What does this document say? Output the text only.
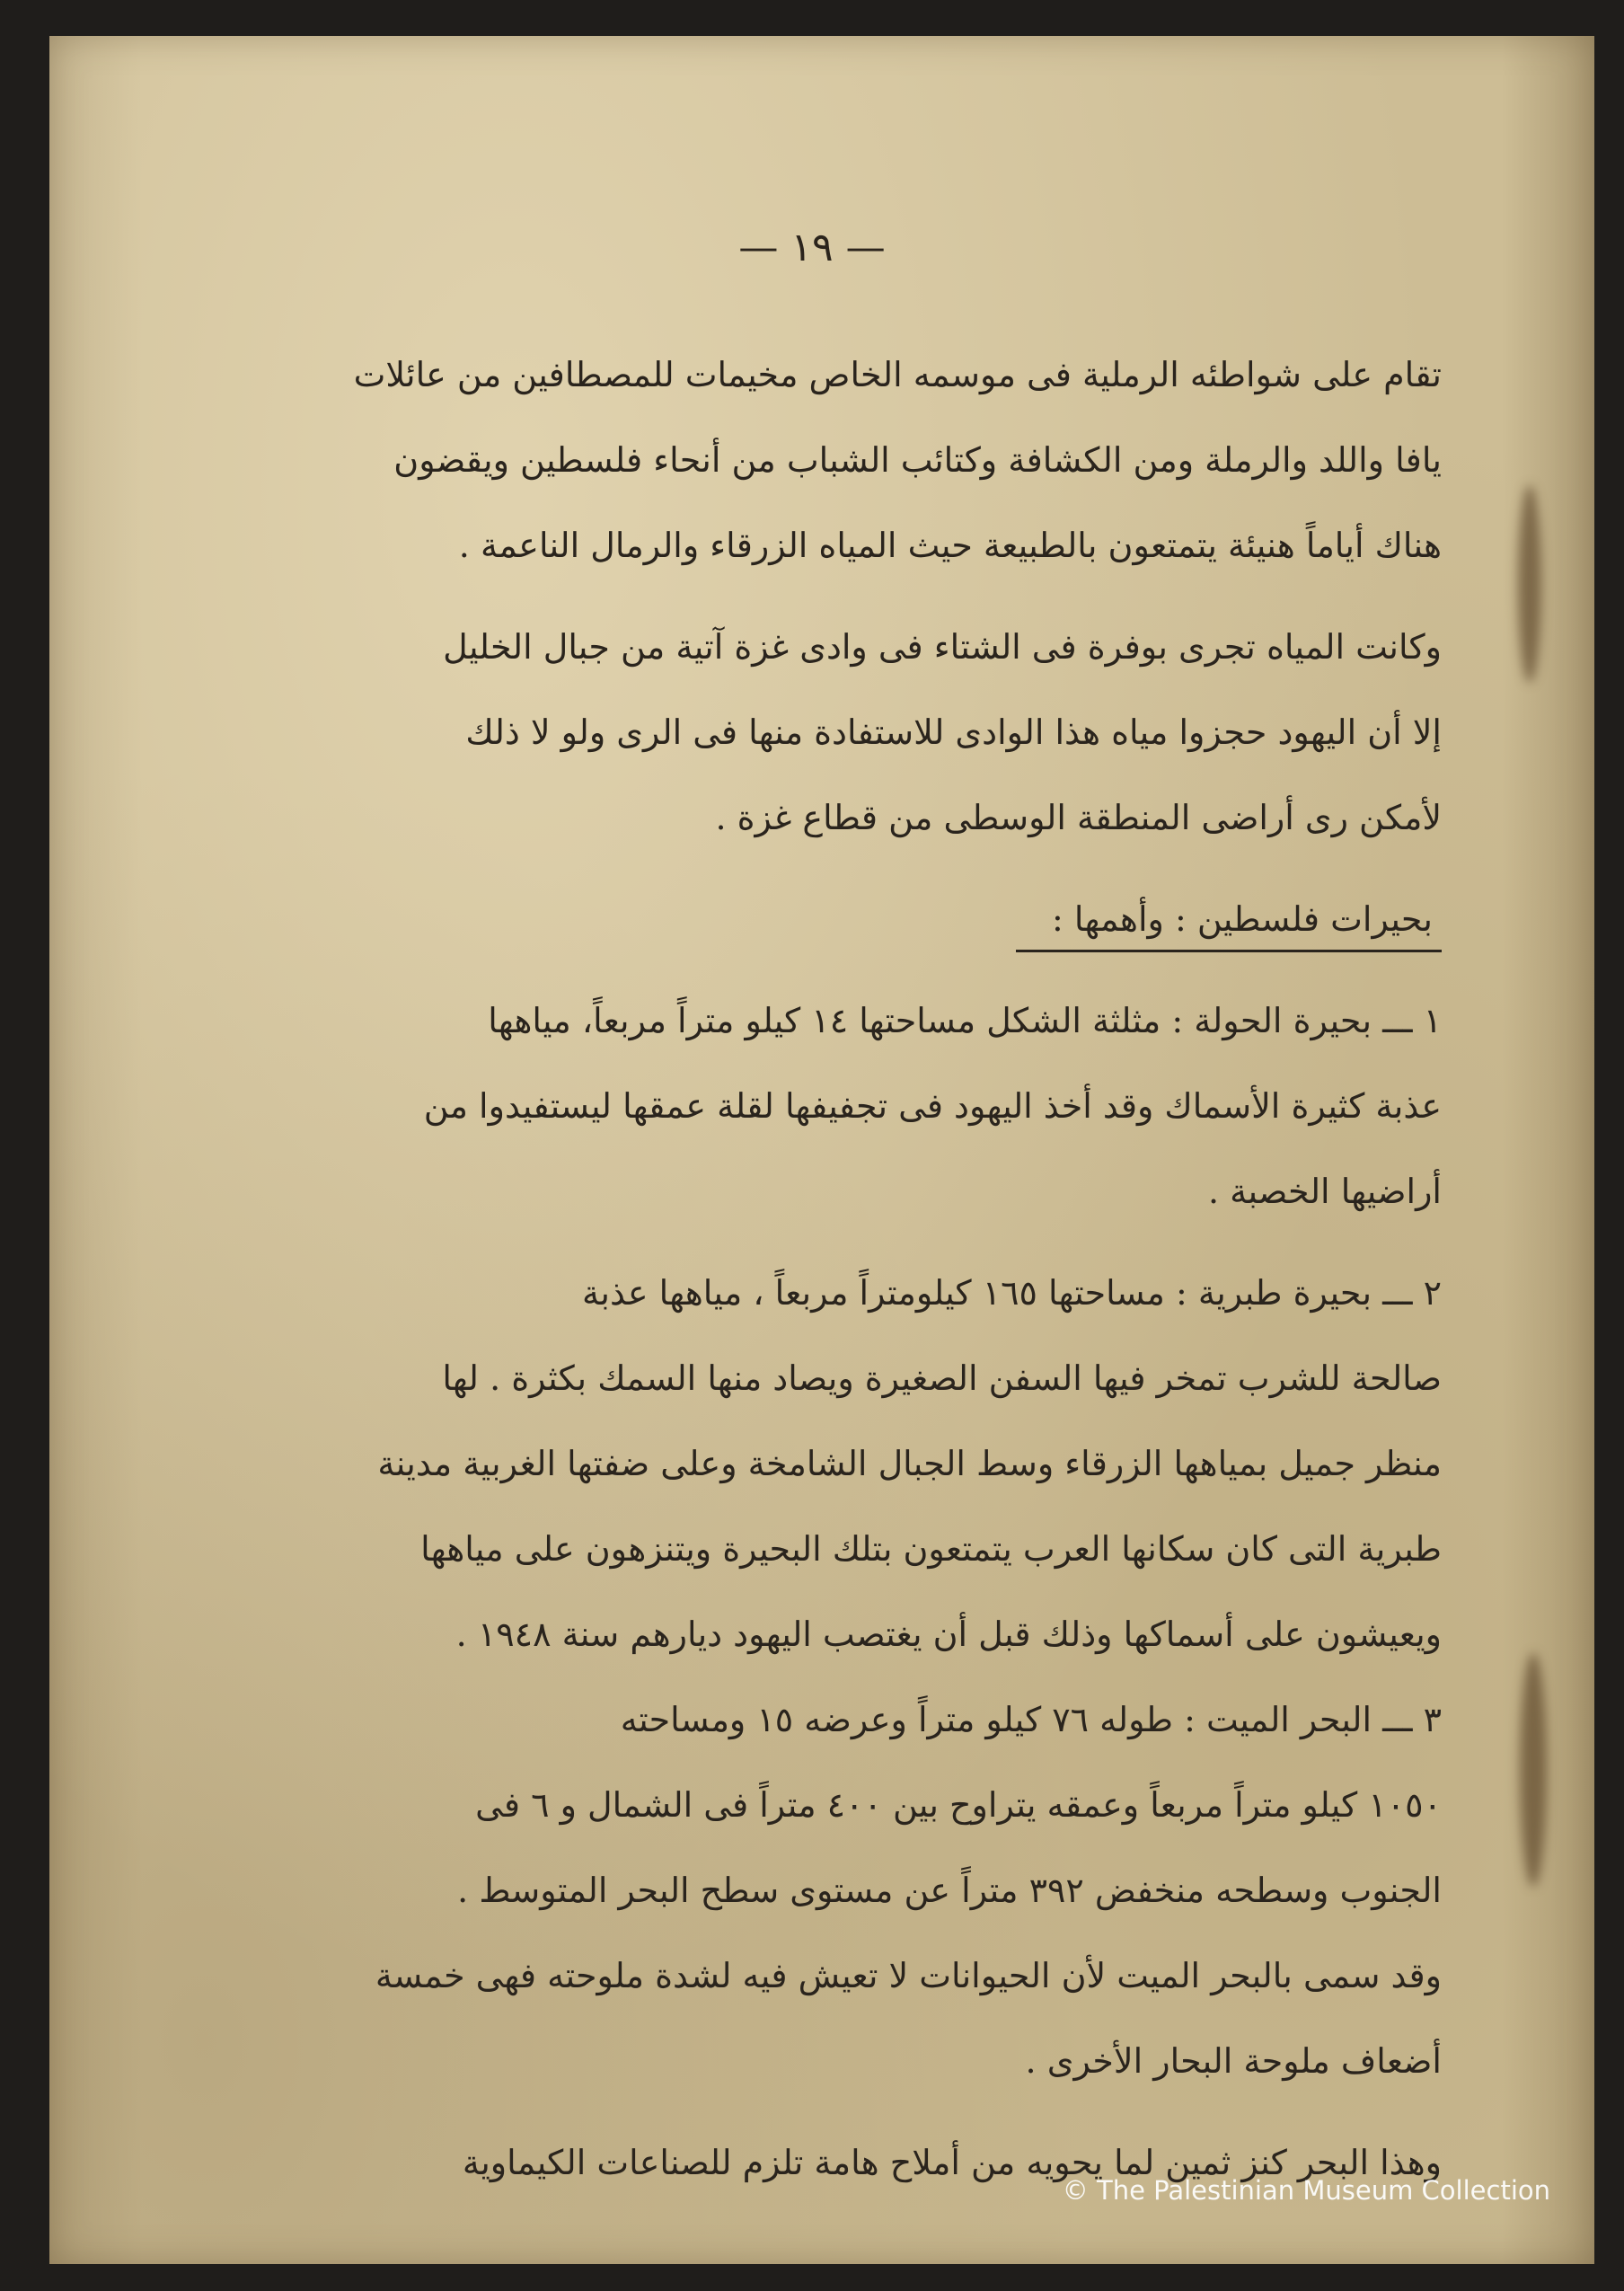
— ١٩ —
تقام على شواطئه الرملية فى موسمه الخاص مخيمات للمصطافين من عائلات
يافا واللد والرملة ومن الكشافة وكتائب الشباب من أنحاء فلسطين ويقضون
هناك أياماً هنيئة يتمتعون بالطبيعة حيث المياه الزرقاء والرمال الناعمة .
وكانت المياه تجرى بوفرة فى الشتاء فى وادى غزة آتية من جبال الخليل
إلا أن اليهود حجزوا مياه هذا الوادى للاستفادة منها فى الرى ولو لا ذلك
لأمكن رى أراضى المنطقة الوسطى من قطاع غزة .
بحيرات فلسطين : وأهمها :
١ ـــ بحيرة الحولة : مثلثة الشكل مساحتها ١٤ كيلو متراً مربعاً، مياهها
عذبة كثيرة الأسماك وقد أخذ اليهود فى تجفيفها لقلة عمقها ليستفيدوا من
أراضيها الخصبة .
٢ ـــ بحيرة طبرية : مساحتها ١٦٥ كيلومتراً مربعاً ، مياهها عذبة
صالحة للشرب تمخر فيها السفن الصغيرة ويصاد منها السمك بكثرة . لها
منظر جميل بمياهها الزرقاء وسط الجبال الشامخة وعلى ضفتها الغربية مدينة
طبرية التى كان سكانها العرب يتمتعون بتلك البحيرة ويتنزهون على مياهها
ويعيشون على أسماكها وذلك قبل أن يغتصب اليهود ديارهم سنة ١٩٤٨ .
٣ ـــ البحر الميت : طوله ٧٦ كيلو متراً وعرضه ١٥ ومساحته
١٠٥٠ كيلو متراً مربعاً وعمقه يتراوح بين ٤٠٠ متراً فى الشمال و ٦ فى
الجنوب وسطحه منخفض ٣٩٢ متراً عن مستوى سطح البحر المتوسط .
وقد سمى بالبحر الميت لأن الحيوانات لا تعيش فيه لشدة ملوحته فهى خمسة
أضعاف ملوحة البحار الأخرى .
وهذا البحر كنز ثمين لما يحويه من أملاح هامة تلزم للصناعات الكيماوية
© The Palestinian Museum Collection
